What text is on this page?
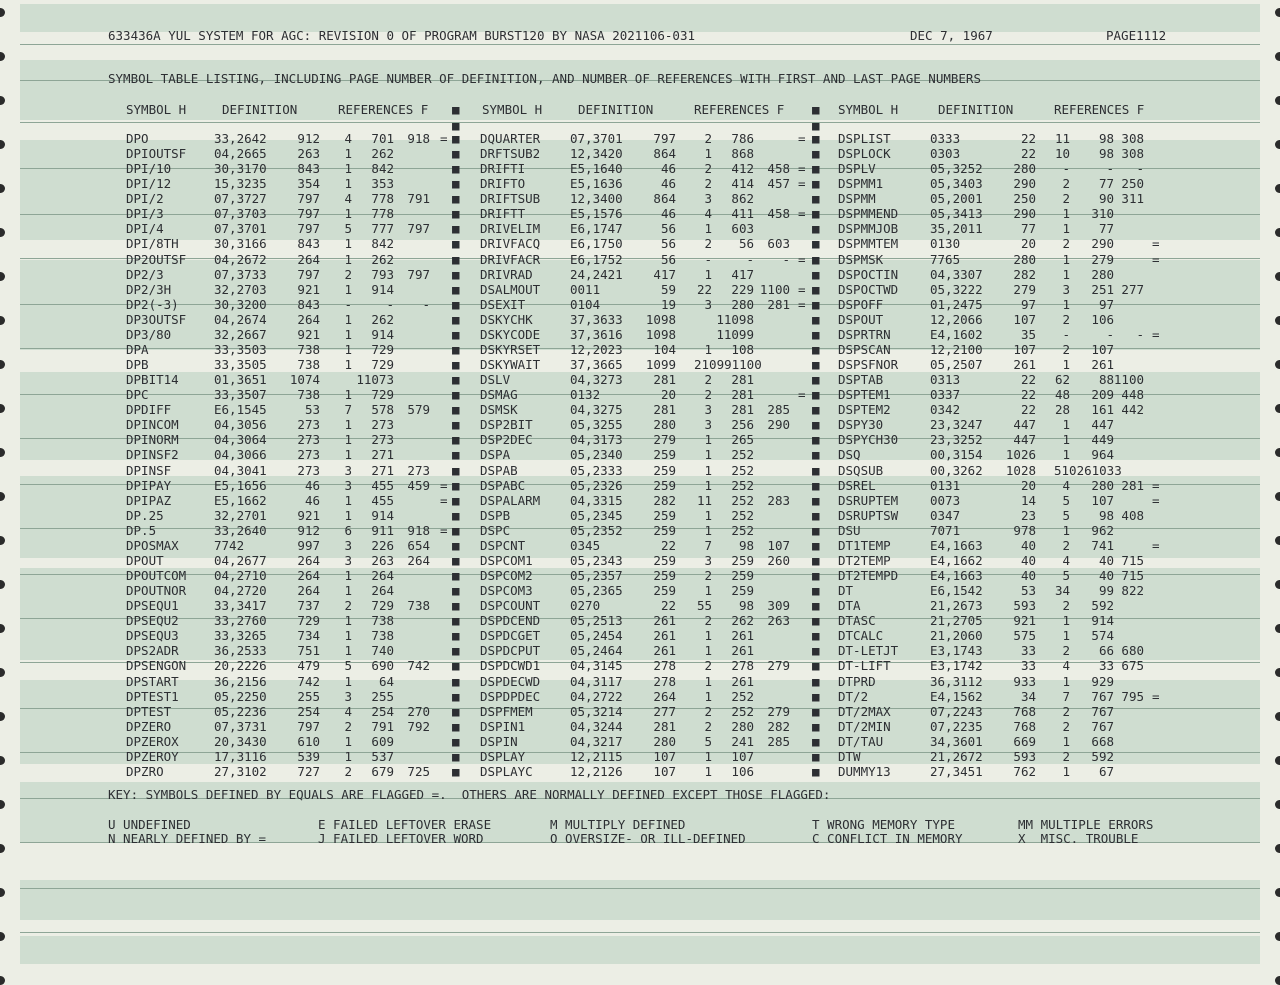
633436A YUL SYSTEM FOR AGC: REVISION 0 OF PROGRAM BURST120 BY NASA 2021106-031	DEC 7, 1967	PAGE1112
SYMBOL TABLE LISTING, INCLUDING PAGE NUMBER OF DEFINITION, AND NUMBER OF REFERENCES WITH FIRST AND LAST PAGE NUMBERS
SYMBOL H	DEFINITION	REFERENCES F ■ SYMBOL H	DEFINITION	REFERENCES F ■ SYMBOL H	DEFINITION	REFERENCES F
■	■
DPO	33,2642	912	4	701	918 = ■ DQUARTER 07,3701	797	2	786	= ■ DSPLIST	0333	22	11	98 308
DPIOUTSF 04,2665	263	1	262	■ DRFTSUB2 12,3420	864	1	868	■ DSPLOCK	0303	22	10	98 308
DPI/10	30,3170	843	1	842	■ DRIFTI	E5,1640	46	2	412	458 = ■ DSPLV	05,3252	280	-	-	-
DPI/12	15,3235	354	1	353	■ DRIFTO	E5,1636	46	2	414	457 = ■ DSPMM1	05,3403	290	2	77 250
DPI/2	07,3727	797	4	778	791 ■ DRIFTSUB 12,3400	864	3	862	■ DSPMM	05,2001	250	2	90 311
DPI/3	07,3703	797	1	778	■ DRIFTT	E5,1576	46	4	411	458 = ■ DSPMMEND	05,3413	290	1	310
DPI/4	07,3701	797	5	777	797 ■ DRIVELIM E6,1747	56	1	603	■ DSPMMJOB	35,2011	77	1	77
DPI/8TH	30,3166	843	1	842	■ DRIVFACQ E6,1750	56	2	56	603 ■ DSPMMTEM	0130	20	2	290	=
DP2OUTSF 04,2672	264	1	262	■ DRIVFACR E6,1752	56	-	-	- = ■ DSPMSK	7765	280	1	279	=
DP2/3	07,3733	797	2	793	797 ■ DRIVRAD	24,2421	417	1	417	■ DSPOCTIN	04,3307	282	1	280
DP2/3H	32,2703	921	1	914	■ DSALMOUT 0011	59	22	229 1100 = ■ DSPOCTWD	05,3222	279	3	251 277
DP2(-3)	30,3200	843	-	-	- ■ DSEXIT	0104	19	3	280	281 = ■ DSPOFF	01,2475	97	1	97
DP3OUTSF 04,2674	264	1	262	■ DSKYCHK	37,3633	1098	11098	■ DSPOUT	12,2066	107	2	106
DP3/80	32,2667	921	1	914	■ DSKYCODE 37,3616	1098	11099	■ DSPRTRN	E4,1602	35	-	-	- =
DPA	33,3503	738	1	729	■ DSKYRSET 12,2023	104	1	108	■ DSPSCAN	12,2100	107	2	107
DPB	33,3505	738	1	729	■ DSKYWAIT 37,3665	1099 210991100	■ DSPSFNOR	05,2507	261	1	261
DPBIT14	01,3651	1074	11073	■ DSLV	04,3273	281	2	281	■ DSPTAB	0313	22	62	88 1100
DPC	33,3507	738	1	729	■ DSMAG	0132	20	2	281	= ■ DSPTEM1	0337	22	48	209 448
DPDIFF	E6,1545	53	7	578	579 ■ DSMSK	04,3275	281	3	281	285 ■ DSPTEM2	0342	22	28	161 442
DPINCOM	04,3056	273	1	273	■ DSP2BIT	05,3255	280	3	256	290 ■ DSPY30	23,3247	447	1	447
DPINORM	04,3064	273	1	273	■ DSP2DEC	04,3173	279	1	265	■ DSPYCH30	23,3252	447	1	449
DPINSF2	04,3066	273	1	271	■ DSPA	05,2340	259	1	252	■ DSQ	00,3154	1026	1	964
DPINSF	04,3041	273	3	271	273 ■ DSPAB	05,2333	259	1	252	■ DSQSUB	00,3262	1028 510261033
DPIPAY	E5,1656	46	3	455	459 = ■ DSPABC	05,2326	259	1	252	■ DSREL	0131	20	4	280 281 =
DPIPAZ	E5,1662	46	1	455	= ■ DSPALARM 04,3315	282	11	252	283 ■ DSRUPTEM	0073	14	5	107	=
DP.25	32,2701	921	1	914	■ DSPB	05,2345	259	1	252	■ DSRUPTSW	0347	23	5	98 408
DP.5	33,2640	912	6	911	918 = ■ DSPC	05,2352	259	1	252	■ DSU	7071	978	1	962
DPOSMAX	7742	997	3	226	654 ■ DSPCNT	0345	22	7	98	107 ■ DT1TEMP	E4,1663	40	2	741	=
DPOUT	04,2677	264	3	263	264 ■ DSPCOM1	05,2343	259	3	259	260 ■ DT2TEMP	E4,1662	40	4	40 715
DPOUTCOM 04,2710	264	1	264	■ DSPCOM2	05,2357	259	2	259	■ DT2TEMPD	E4,1663	40	5	40 715
DPOUTNOR 04,2720	264	1	264	■ DSPCOM3	05,2365	259	1	259	■ DT	E6,1542	53	34	99 822
DPSEQU1	33,3417	737	2	729	738 ■ DSPCOUNT 0270	22	55	98	309 ■ DTA	21,2673	593	2	592
DPSEQU2	33,2760	729	1	738	■ DSPDCEND 05,2513	261	2	262	263 ■ DTASC	21,2705	921	1	914
DPSEQU3	33,3265	734	1	738	■ DSPDCGET 05,2454	261	1	261	■ DTCALC	21,2060	575	1	574
DPS2ADR	36,2533	751	1	740	■ DSPDCPUT 05,2464	261	1	261	■ DT-LETJT	E3,1743	33	2	66 680
DPSENGON 20,2226	479	5	690	742 ■ DSPDCWD1 04,3145	278	2	278	279 ■ DT-LIFT	E3,1742	33	4	33 675
DPSTART	36,2156	742	1	64	■ DSPDECWD 04,3117	278	1	261	■ DTPRD	36,3112	933	1	929
DPTEST1	05,2250	255	3	255	■ DSPDPDEC 04,2722	264	1	252	■ DT/2	E4,1562	34	7	767 795 =
DPTEST	05,2236	254	4	254	270 ■ DSPFMEM	05,3214	277	2	252	279 ■ DT/2MAX	07,2243	768	2	767
DPZERO	07,3731	797	2	791	792 ■ DSPIN1	04,3244	281	2	280	282 ■ DT/2MIN	07,2235	768	2	767
DPZEROX	20,3430	610	1	609	■ DSPIN	04,3217	280	5	241	285 ■ DT/TAU	34,3601	669	1	668
DPZEROY	17,3116	539	1	537	■ DSPLAY	12,2115	107	1	107	■ DTW	21,2672	593	2	592
DPZRO	27,3102	727	2	679	725 ■ DSPLAYC	12,2126	107	1	106	■ DUMMY13	27,3451	762	1	67
KEY: SYMBOLS DEFINED BY EQUALS ARE FLAGGED =.  OTHERS ARE NORMALLY DEFINED EXCEPT THOSE FLAGGED:
U UNDEFINED	E FAILED LEFTOVER ERASE	M MULTIPLY DEFINED	T WRONG MEMORY TYPE	MM MULTIPLE ERRORS
N NEARLY DEFINED BY =	J FAILED LEFTOVER WORD	O OVERSIZE- OR ILL-DEFINED	C CONFLICT IN MEMORY	X  MISC. TROUBLE
